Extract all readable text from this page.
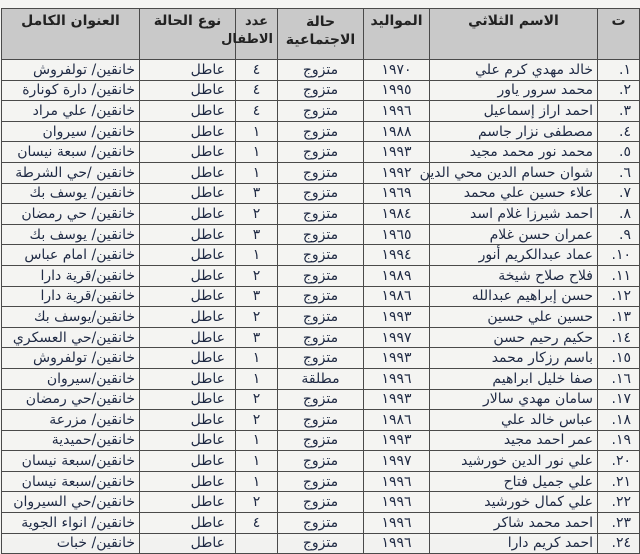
ت	الاسم الثلاثي	المواليد	حالة الاجتماعية	عدد الاطفال	نوع الحالة	العنوان الكامل
١.	خالد مهدي كرم علي	١٩٧٠	متزوج	٤	عاطل	خانقين/ تولفروش
٢.	محمد سرور ياور	١٩٩٥	متزوج	٤	عاطل	خانقين/ دارة كونارة
٣.	احمد اراز إسماعيل	١٩٩٦	متزوج	٤	عاطل	خانقين/ علي مراد
٤.	مصطفى نزار جاسم	١٩٨٨	متزوج	١	عاطل	خانقين/ سيروان
٥.	محمد نور محمد مجيد	١٩٩٣	متزوج	١	عاطل	خانقين/ سبعة نيسان
٦.	شوان حسام الدين محي الدين	١٩٩٢	متزوج	١	عاطل	خانقين /حي الشرطة
٧.	علاء حسين علي محمد	١٩٦٩	متزوج	٣	عاطل	خانقين/ يوسف بك
٨.	احمد شيرزا غلام اسد	١٩٨٤	متزوج	٢	عاطل	خانقين/ حي رمضان
٩.	عمران حسن غلام	١٩٦٥	متزوج	٣	عاطل	خانقين/ يوسف بك
١٠.	عماد عبدالكريم أنور	١٩٩٤	متزوج	١	عاطل	خانقين/ امام عباس
١١.	فلاح صلاح شيخة	١٩٨٩	متزوج	٢	عاطل	خانقين/قرية دارا
١٢.	حسن إبراهيم عبدالله	١٩٨٦	متزوج	٣	عاطل	خانقين/قرية دارا
١٣.	حسين علي حسين	١٩٩٣	متزوج	٢	عاطل	خانقين/يوسف بك
١٤.	حكيم رحيم حسن	١٩٩٧	متزوج	٣	عاطل	خانقين/حي العسكري
١٥.	باسم رزكار محمد	١٩٩٣	متزوج	١	عاطل	خانقين/ تولفروش
١٦.	صفا خليل ابراهيم	١٩٩٦	مطلقة	١	عاطل	خانقين/سيروان
١٧.	سامان مهدي سالار	١٩٩٣	متزوج	٢	عاطل	خانقين/حي رمضان
١٨.	عباس خالد علي	١٩٨٦	متزوج	٢	عاطل	خانقين/ مزرعة
١٩.	عمر احمد مجيد	١٩٩٣	متزوج	١	عاطل	خانقين/حميدية
٢٠.	علي نور الدين خورشيد	١٩٩٧	متزوج	١	عاطل	خانقين/سبعة نيسان
٢١.	علي جميل فتاح	١٩٩٦	متزوج	١	عاطل	خانقين/سبعة نيسان
٢٢.	علي كمال خورشيد	١٩٩٦	متزوج	٢	عاطل	خانقين/حي السيروان
٢٣.	احمد محمد شاكر	١٩٩٦	متزوج	٤	عاطل	خانقين/ انواء الجوية
٢٤.	احمد كريم دارا	١٩٩٦	متزوج		عاطل	خانقين/ خبات
